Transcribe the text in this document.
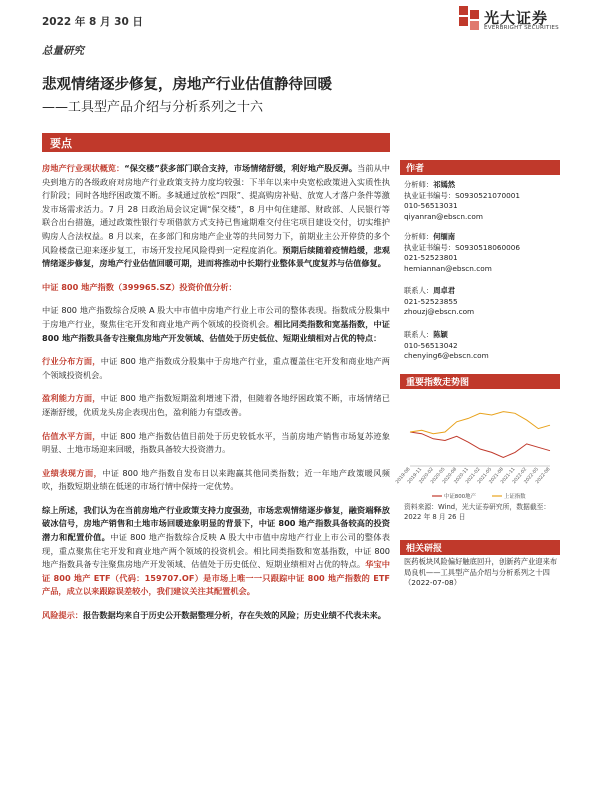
2022 年 8 月 30 日	光大证券
EVERBRIGHT SECURITIES
总量研究
悲观情绪逐步修复，房地产行业估值静待回暖
——工具型产品介绍与分析系列之十六
要点

房地产行业现状概览：“保交楼”获多部门联合支持，市场情绪舒缓，利好地产股反弹。当前从中央到地方的各级政府对房地产行业政策支持力度均较强：下半年以来中央宽松政策进入实质性执行阶段；同时各地纾困政策不断。多城通过放松“四限”、提高购房补贴、放宽人才落户条件等激发市场需求活力。7 月 28 日政治局会议定调“保交楼”，8 月中旬住建部、财政部、人民银行等联合出台措施，通过政策性银行专项借款方式支持已售逾期难交付住宅项目建设交付，切实维护购房人合法权益。8 月以来，在多部门和房地产企业等的共同努力下，前期业主公开停贷的多个风险楼盘已迎来逐步复工，市场开发拉尾风险得到一定程度消化。预期后续随着疫情趋缓，悲观情绪逐步修复，房地产行业估值回暖可期，进而将推动中长期行业整体景气度复苏与估值修复。

中证 800 地产指数（399965.SZ）投资价值分析：

中证 800 地产指数综合反映 A 股大中市值中房地产行业上市公司的整体表现。指数成分股集中于房地产行业，聚焦住宅开发和商业地产两个领域的投资机会。相比同类指数和宽基指数，中证 800 地产指数具备专注聚焦房地产开发领域、估值处于历史低位、短期业绩相对占优的特点：

行业分布方面，中证 800 地产指数成分股集中于房地产行业，重点覆盖住宅开发和商业地产两个领域投资机会。

盈利能力方面，中证 800 地产指数短期盈利增速下滑，但随着各地纾困政策不断，市场情绪已逐渐舒缓，优质龙头房企表现出色，盈利能力有望改善。

估值水平方面，中证 800 地产指数估值目前处于历史较低水平，当前房地产销售市场复苏迹象明显、土地市场迎来回暖，指数具备较大投资潜力。

业绩表现方面，中证 800 地产指数自发布日以来跑赢其他同类指数；近一年地产政策暖风频吹，指数短期业绩在低迷的市场行情中保持一定优势。

综上所述，我们认为在当前房地产行业政策支持力度强劲，市场悲观情绪逐步修复，融资端释放破冰信号，房地产销售和土地市场回暖迹象明显的背景下，中证 800 地产指数具备较高的投资潜力和配置价值。中证 800 地产指数综合反映 A 股大中市值中房地产行业上市公司的整体表现，重点聚焦住宅开发和商业地产两个领域的投资机会。相比同类指数和宽基指数，中证 800 地产指数具备专注聚焦房地产开发领域、估值处于历史低位、短期业绩相对占优的特点。华宝中证 800 地产 ETF（代码：159707.OF）是市场上唯一一只跟踪中证 800 地产指数的 ETF 产品，成立以来跟踪误差较小，我们建议关注其配置机会。

风险提示：报告数据均来自于历史公开数据整理分析，存在失效的风险；历史业绩不代表未来。

作者
分析师：祁嫣然
执业证书编号：S0930521070001
010-56513031
qiyanran@ebscn.com
分析师：何缅南
执业证书编号：S0930518060006
021-52523801
hemiannan@ebscn.com
联系人：周卓君
021-52523855
zhouzj@ebscn.com
联系人：陈颖
010-56513042
chenying6@ebscn.com
重要指数走势图
2019-08
2019-11
2020-02
2020-05
2020-08
2020-11
2021-02
2021-05
2021-08
2021-11
2022-02
2022-05
2022-08
中证800地产	上证指数
资料来源：Wind，光大证券研究所，数据截至：2022 年 8 月 26 日
相关研报
医药板块风险偏好触底回升，创新药产业迎来布局良机——工具型产品介绍与分析系列之十四（2022-07-08）
